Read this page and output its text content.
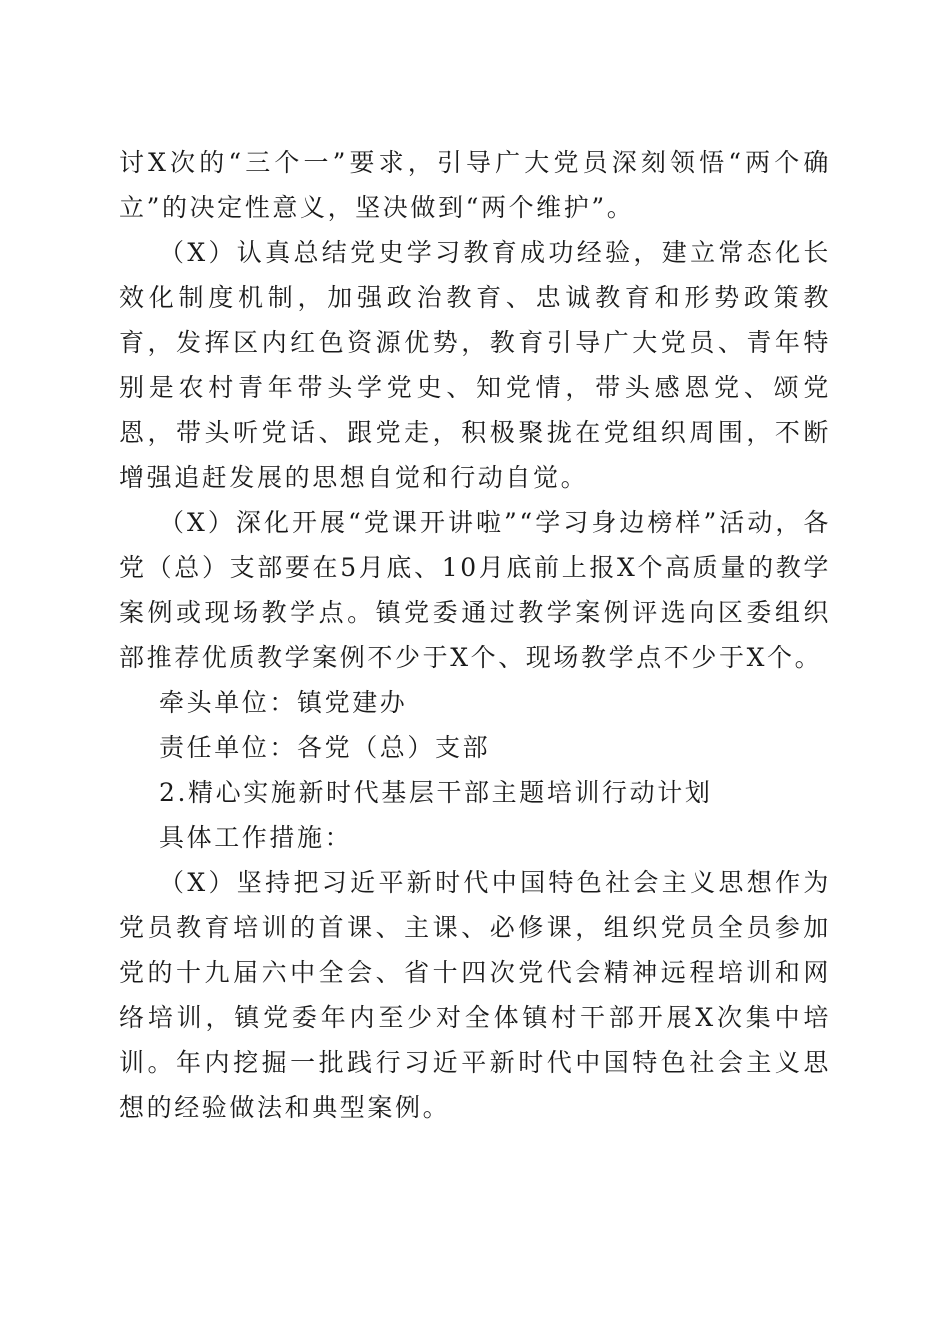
讨X次的“三个一”要求，引导广大党员深刻领悟“两个确立”的决定性意义，坚决做到“两个维护”。

（X）认真总结党史学习教育成功经验，建立常态化长效化制度机制，加强政治教育、忠诚教育和形势政策教育，发挥区内红色资源优势，教育引导广大党员、青年特别是农村青年带头学党史、知党情，带头感恩党、颂党恩，带头听党话、跟党走，积极聚拢在党组织周围，不断增强追赶发展的思想自觉和行动自觉。

（X）深化开展“党课开讲啦”“学习身边榜样”活动，各党（总）支部要在5月底、10月底前上报X个高质量的教学案例或现场教学点。镇党委通过教学案例评选向区委组织部推荐优质教学案例不少于X个、现场教学点不少于X个。

牵头单位：镇党建办

责任单位：各党（总）支部

2.精心实施新时代基层干部主题培训行动计划

具体工作措施：

（X）坚持把习近平新时代中国特色社会主义思想作为党员教育培训的首课、主课、必修课，组织党员全员参加党的十九届六中全会、省十四次党代会精神远程培训和网络培训，镇党委年内至少对全体镇村干部开展X次集中培训。年内挖掘一批践行习近平新时代中国特色社会主义思想的经验做法和典型案例。
